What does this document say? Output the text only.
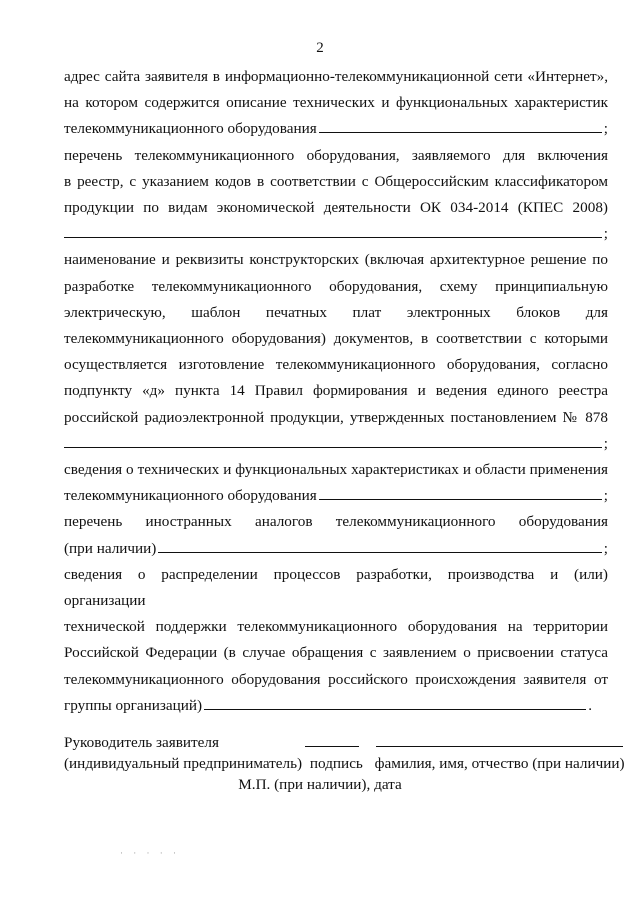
2
адрес сайта заявителя в информационно-телекоммуникационной сети «Интернет»,
на котором содержится описание технических и функциональных характеристик
телекоммуникационного оборудования	;
перечень телекоммуникационного оборудования, заявляемого для включения
в реестр, с указанием кодов в соответствии с Общероссийским классификатором
продукции по видам экономической деятельности ОК 034-2014 (КПЕС 2008)
;
наименование и реквизиты конструкторских (включая архитектурное решение по
разработке телекоммуникационного оборудования, схему принципиальную
электрическую, шаблон печатных плат электронных блоков для
телекоммуникационного оборудования) документов, в соответствии с которыми
осуществляется изготовление телекоммуникационного оборудования, согласно
подпункту «д» пункта 14 Правил формирования и ведения единого реестра
российской радиоэлектронной продукции, утвержденных постановлением № 878
;
сведения о технических и функциональных характеристиках и области применения
телекоммуникационного оборудования	;
перечень иностранных аналогов телекоммуникационного оборудования
(при наличии)	;
сведения о распределении процессов разработки, производства и (или) организации
технической поддержки телекоммуникационного оборудования на территории
Российской Федерации (в случае обращения с заявлением о присвоении статуса
телекоммуникационного оборудования российского происхождения заявителя от
группы организаций)	.
Руководитель заявителя
(индивидуальный предприниматель) подпись фамилия, имя, отчество (при наличии)
М.П. (при наличии), дата
· · · · ·
